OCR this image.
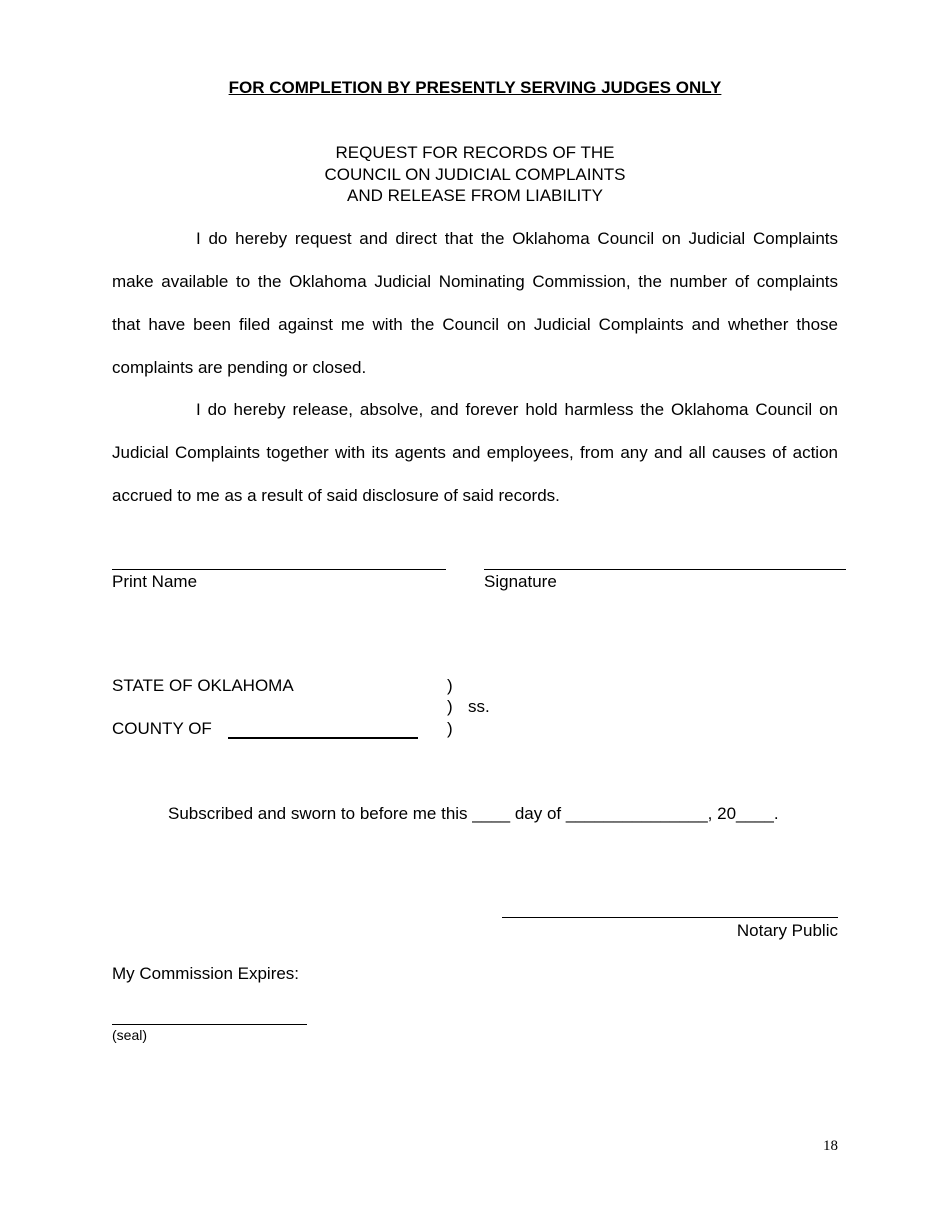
FOR COMPLETION BY PRESENTLY SERVING JUDGES ONLY
REQUEST FOR RECORDS OF THE
COUNCIL ON JUDICIAL COMPLAINTS
AND RELEASE FROM LIABILITY

I do hereby request and direct that the Oklahoma Council on Judicial Complaints make available to the Oklahoma Judicial Nominating Commission, the number of complaints that have been filed against me with the Council on Judicial Complaints and whether those complaints are pending or closed.

I do hereby release, absolve, and forever hold harmless the Oklahoma Council on Judicial Complaints together with its agents and employees, from any and all causes of action accrued to me as a result of said disclosure of said records.

Print Name	Signature
STATE OF OKLAHOMA
COUNTY OF
)
)
)
ss.
Subscribed and sworn to before me this ____ day of _______________, 20____.
Notary Public
My Commission Expires:
(seal)
18
